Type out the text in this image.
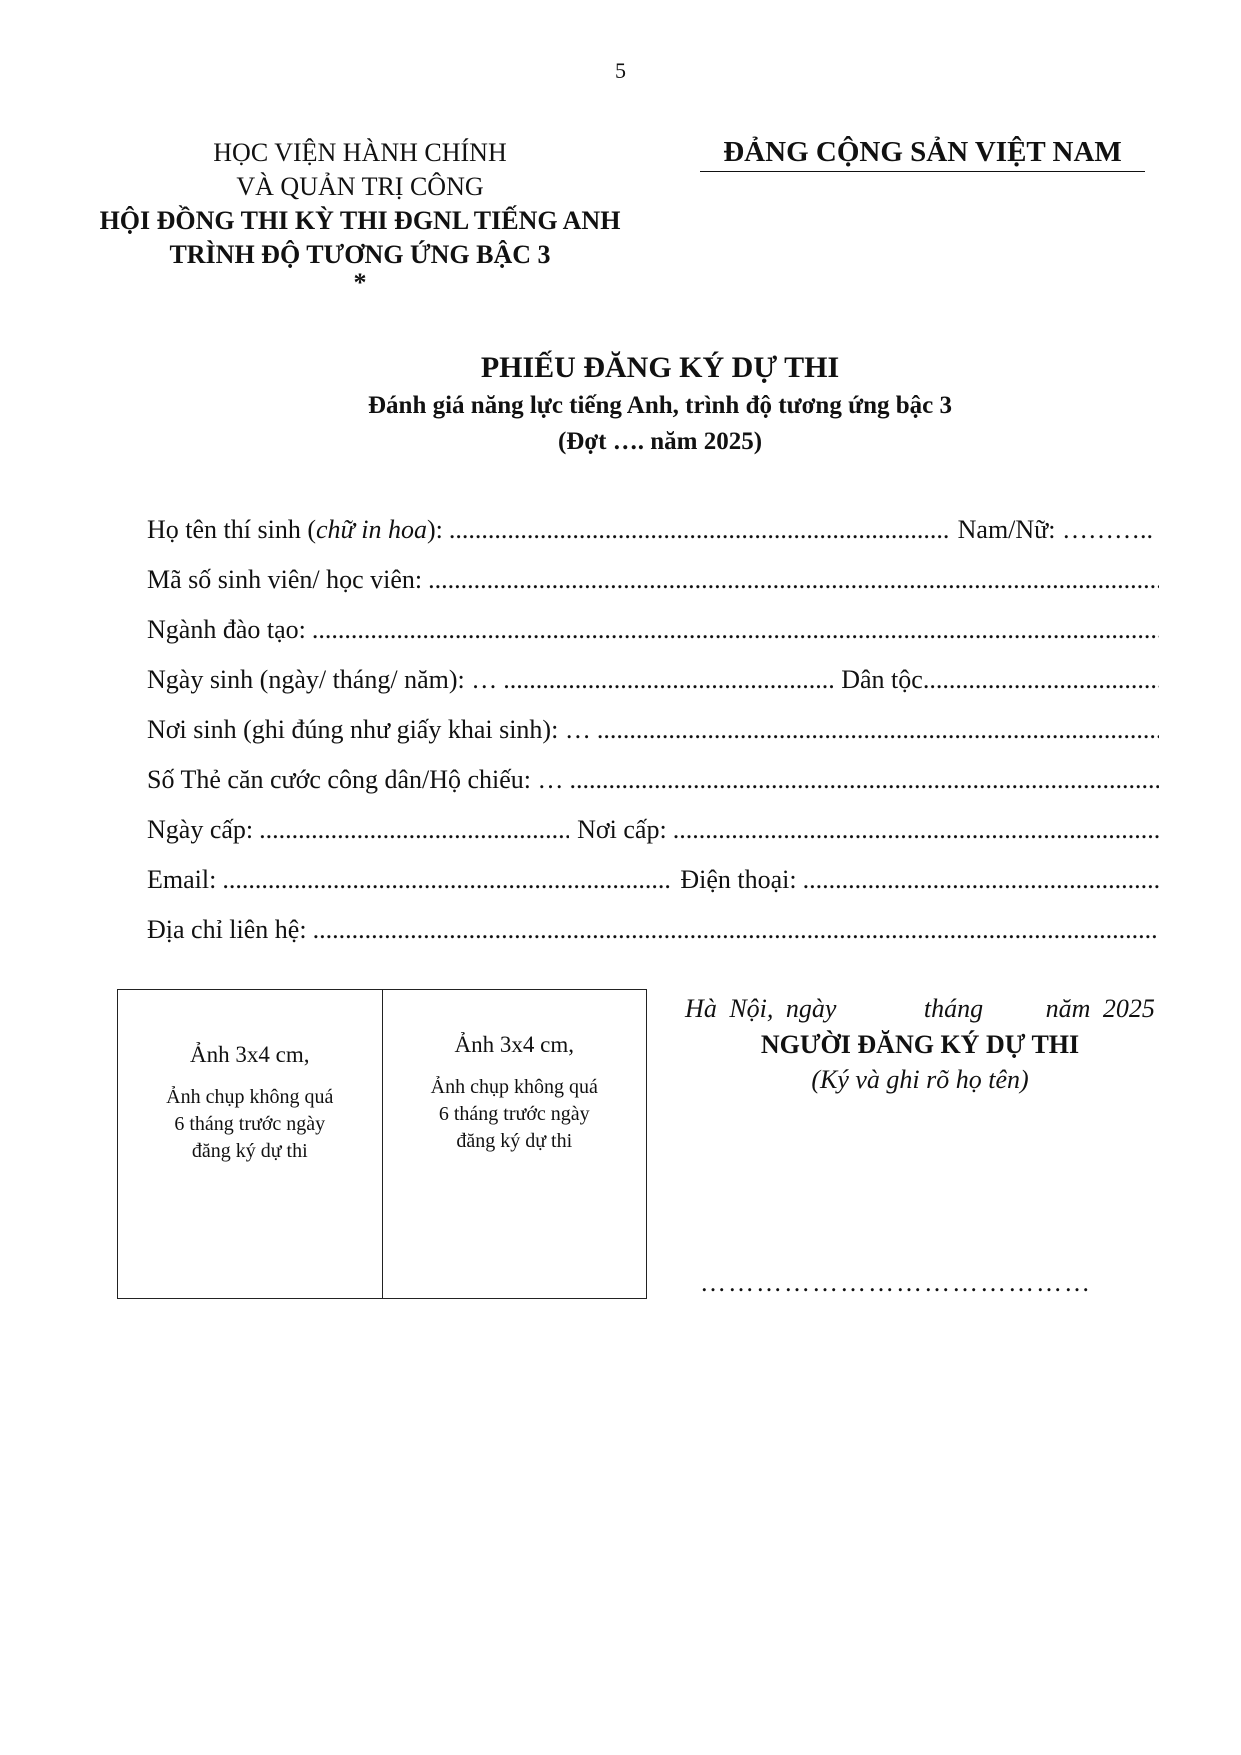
5
HỌC VIỆN HÀNH CHÍNH
VÀ QUẢN TRỊ CÔNG
HỘI ĐỒNG THI KỲ THI ĐGNL TIẾNG ANH
TRÌNH ĐỘ TƯƠNG ỨNG BẬC 3
*
ĐẢNG CỘNG SẢN VIỆT NAM
PHIẾU ĐĂNG KÝ DỰ THI
Đánh giá năng lực tiếng Anh, trình độ tương ứng bậc 3
(Đợt …. năm 2025)
Họ tên thí sinh (chữ in hoa): .....	Nam/Nữ: ………..
Mã số sinh viên/ học viên:
.....
Ngành đào tạo:
.....
Ngày sinh (ngày/ tháng/ năm): … .....	Dân tộc
.....
Nơi sinh (ghi đúng như giấy khai sinh): …
.....
Số Thẻ căn cước công dân/Hộ chiếu: …
.....
Ngày cấp: .....	Nơi cấp:
.....
Email: .....	Điện thoại:
.....
Địa chỉ liên hệ:
.....
Ảnh 3x4 cm,
Ảnh chụp không quá 6 tháng trước ngày đăng ký dự thi
Ảnh 3x4 cm,
Ảnh chụp không quá 6 tháng trước ngày đăng ký dự thi
Hà Nội, ngày       tháng     năm 2025
NGƯỜI ĐĂNG KÝ DỰ THI
(Ký và ghi rõ họ tên)
……………………………………
